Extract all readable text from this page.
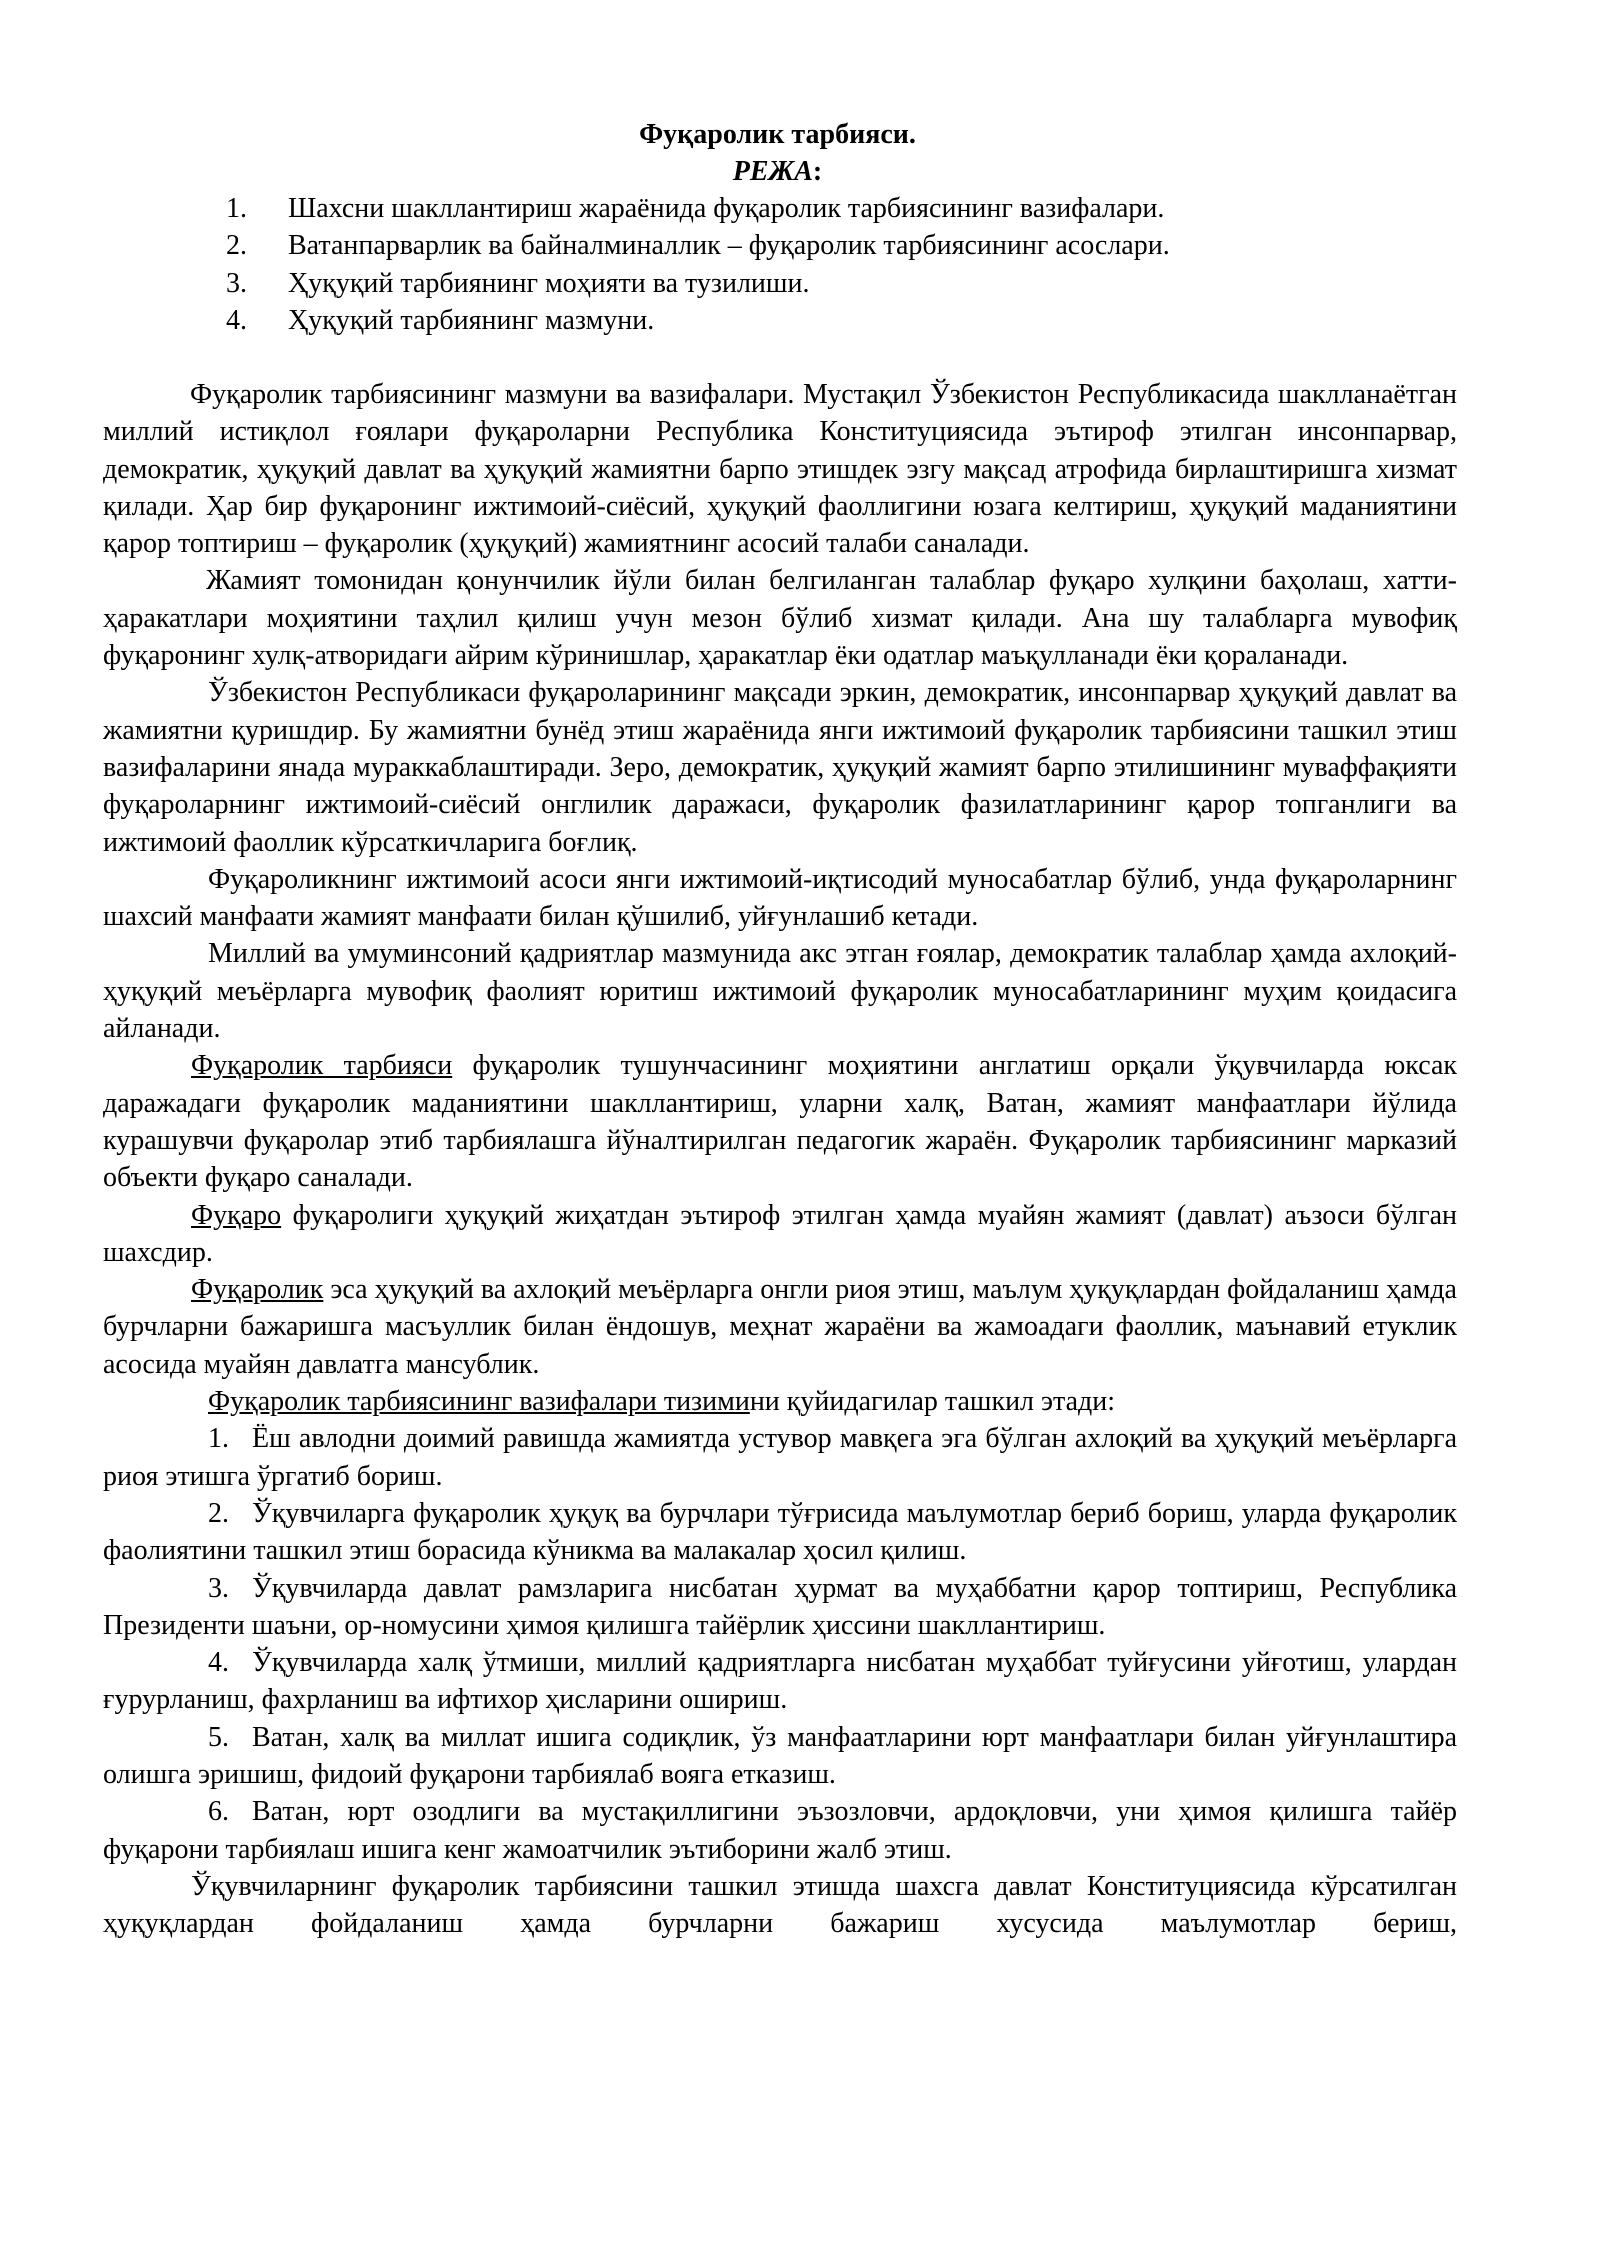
Фуқаролик тарбияси.
РЕЖА:
1. Шахсни шакллантириш жараёнида фуқаролик тарбиясининг вазифалари.
2. Ватанпарварлик ва байналминаллик – фуқаролик тарбиясининг асослари.
3. Ҳуқуқий тарбиянинг моҳияти ва тузилиши.
4. Ҳуқуқий тарбиянинг мазмуни.

Фуқаролик тарбиясининг мазмуни ва вазифалари. Мустақил Ўзбекистон Республикасида шаклланаётган миллий истиқлол ғоялари фуқароларни Республика Конституциясида эътироф этилган инсонпарвар, демократик, ҳуқуқий давлат ва ҳуқуқий жамиятни барпо этишдек эзгу мақсад атрофида бирлаштиришга хизмат қилади. Ҳар бир фуқаронинг ижтимоий-сиёсий, ҳуқуқий фаоллигини юзага келтириш, ҳуқуқий маданиятини қарор топтириш – фуқаролик (ҳуқуқий) жамиятнинг асосий талаби саналади.

Жамият томонидан қонунчилик йўли билан белгиланган талаблар фуқаро хулқини баҳолаш, хатти-ҳаракатлари моҳиятини таҳлил қилиш учун мезон бўлиб хизмат қилади. Ана шу талабларга мувофиқ фуқаронинг хулқ-атворидаги айрим кўринишлар, ҳаракатлар ёки одатлар маъқулланади ёки қораланади.

Ўзбекистон Республикаси фуқароларининг мақсади эркин, демократик, инсонпарвар ҳуқуқий давлат ва жамиятни қуришдир. Бу жамиятни бунёд этиш жараёнида янги ижтимоий фуқаролик тарбиясини ташкил этиш вазифаларини янада мураккаблаштиради. Зеро, демократик, ҳуқуқий жамият барпо этилишининг муваффақияти фуқароларнинг ижтимоий-сиёсий онглилик даражаси, фуқаролик фазилатларининг қарор топганлиги ва ижтимоий фаоллик кўрсаткичларига боғлиқ.

Фуқароликнинг ижтимоий асоси янги ижтимоий-иқтисодий муносабатлар бўлиб, унда фуқароларнинг шахсий манфаати жамият манфаати билан қўшилиб, уйғунлашиб кетади.

Миллий ва умуминсоний қадриятлар мазмунида акс этган ғоялар, демократик талаблар ҳамда ахлоқий-ҳуқуқий меъёрларга мувофиқ фаолият юритиш ижтимоий фуқаролик муносабатларининг муҳим қоидасига айланади.

Фуқаролик тарбияси фуқаролик тушунчасининг моҳиятини англатиш орқали ўқувчиларда юксак даражадаги фуқаролик маданиятини шакллантириш, уларни халқ, Ватан, жамият манфаатлари йўлида курашувчи фуқаролар этиб тарбиялашга йўналтирилган педагогик жараён. Фуқаролик тарбиясининг марказий объекти фуқаро саналади.

Фуқаро фуқаролиги ҳуқуқий жиҳатдан эътироф этилган ҳамда муайян жамият (давлат) аъзоси бўлган шахсдир.

Фуқаролик эса ҳуқуқий ва ахлоқий меъёрларга онгли риоя этиш, маълум ҳуқуқлардан фойдаланиш ҳамда бурчларни бажаришга масъуллик билан ёндошув, меҳнат жараёни ва жамоадаги фаоллик, маънавий етуклик асосида муайян давлатга мансублик.

Фуқаролик тарбиясининг вазифалари тизимини қуйидагилар ташкил этади:

1. Ёш авлодни доимий равишда жамиятда устувор мавқега эга бўлган ахлоқий ва ҳуқуқий меъёрларга риоя этишга ўргатиб бориш.

2. Ўқувчиларга фуқаролик ҳуқуқ ва бурчлари тўғрисида маълумотлар бериб бориш, уларда фуқаролик фаолиятини ташкил этиш борасида кўникма ва малакалар ҳосил қилиш.

3. Ўқувчиларда давлат рамзларига нисбатан ҳурмат ва муҳаббатни қарор топтириш, Республика Президенти шаъни, ор-номусини ҳимоя қилишга тайёрлик ҳиссини шакллантириш.

4. Ўқувчиларда халқ ўтмиши, миллий қадриятларга нисбатан муҳаббат туйғусини уйғотиш, улардан ғурурланиш, фахрланиш ва ифтихор ҳисларини ошириш.

5. Ватан, халқ ва миллат ишига содиқлик, ўз манфаатларини юрт манфаатлари билан уйғунлаштира олишга эришиш, фидоий фуқарони тарбиялаб вояга етказиш.

6. Ватан, юрт озодлиги ва мустақиллигини эъзозловчи, ардоқловчи, уни ҳимоя қилишга тайёр фуқарони тарбиялаш ишига кенг жамоатчилик эътиборини жалб этиш.

Ўқувчиларнинг фуқаролик тарбиясини ташкил этишда шахсга давлат Конституциясида кўрсатилган ҳуқуқлардан фойдаланиш ҳамда бурчларни бажариш хусусида маълумотлар бериш,
